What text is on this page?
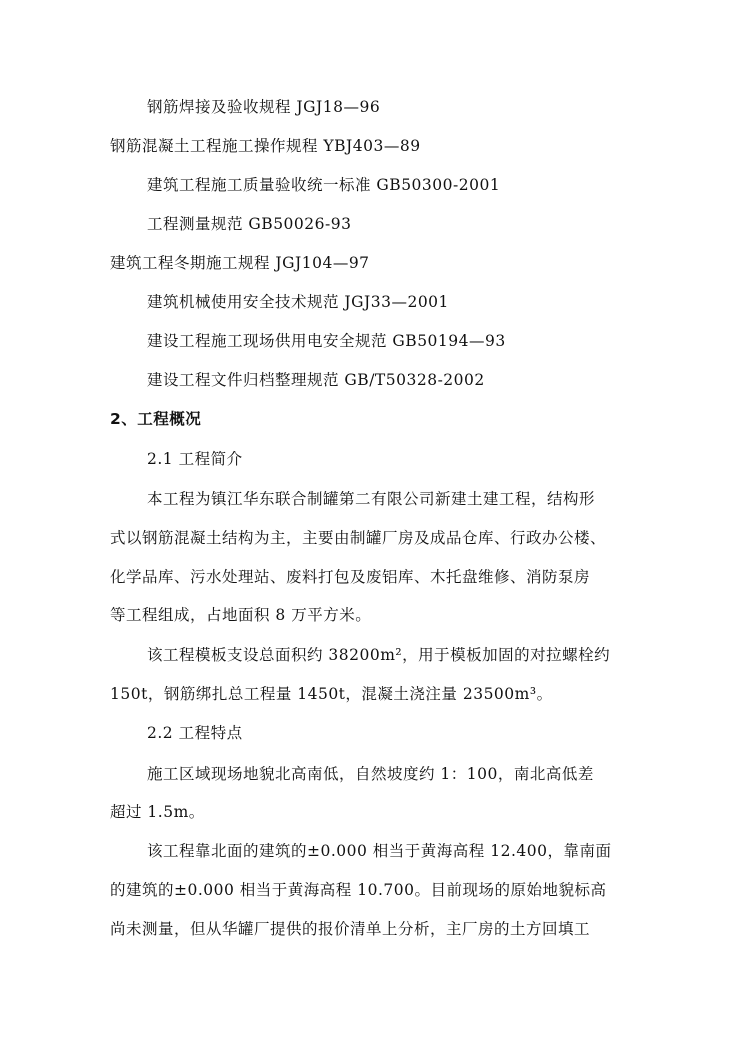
钢筋焊接及验收规程 JGJ18—96
钢筋混凝土工程施工操作规程 YBJ403—89
建筑工程施工质量验收统一标准 GB50300-2001
工程测量规范 GB50026-93
建筑工程冬期施工规程 JGJ104—97
建筑机械使用安全技术规范 JGJ33—2001
建设工程施工现场供用电安全规范 GB50194—93
建设工程文件归档整理规范 GB/T50328-2002
2、工程概况
2.1 工程简介
本工程为镇江华东联合制罐第二有限公司新建土建工程，结构形
式以钢筋混凝土结构为主，主要由制罐厂房及成品仓库、行政办公楼、
化学品库、污水处理站、废料打包及废铝库、木托盘维修、消防泵房
等工程组成，占地面积 8 万平方米。
该工程模板支设总面积约 38200m²，用于模板加固的对拉螺栓约
150t，钢筋绑扎总工程量 1450t，混凝土浇注量 23500m³。
2.2 工程特点
施工区域现场地貌北高南低，自然坡度约 1：100，南北高低差
超过 1.5m。
该工程靠北面的建筑的±0.000 相当于黄海高程 12.400，靠南面
的建筑的±0.000 相当于黄海高程 10.700。目前现场的原始地貌标高
尚未测量，但从华罐厂提供的报价清单上分析，主厂房的土方回填工
